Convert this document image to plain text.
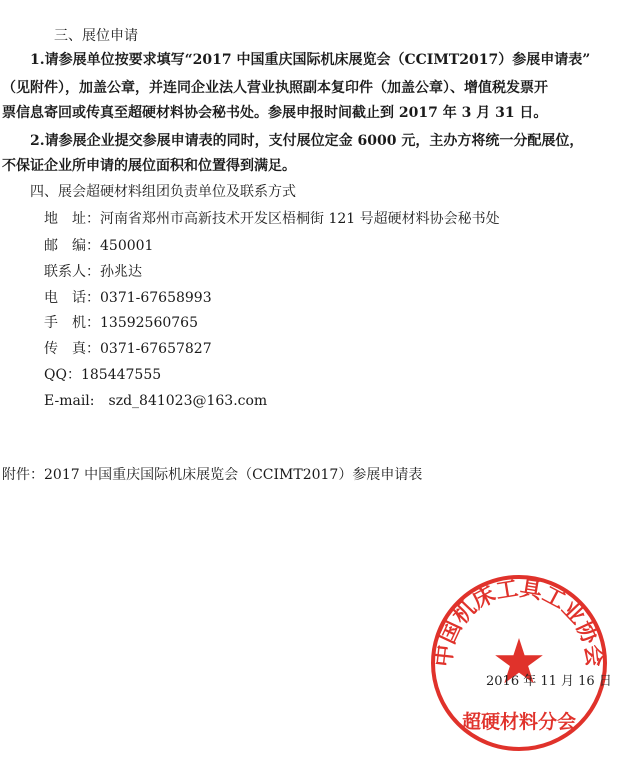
三、展位申请
1.请参展单位按要求填写“2017 中国重庆国际机床展览会（CCIMT2017）参展申请表”
（见附件），加盖公章，并连同企业法人营业执照副本复印件（加盖公章）、增值税发票开
票信息寄回或传真至超硬材料协会秘书处。参展申报时间截止到 2017 年 3 月 31 日。
2.请参展企业提交参展申请表的同时，支付展位定金 6000 元，主办方将统一分配展位，
不保证企业所申请的展位面积和位置得到满足。
四、展会超硬材料组团负责单位及联系方式
地　址：河南省郑州市高新技术开发区梧桐街 121 号超硬材料协会秘书处
邮　编：450001
联系人：孙兆达
电　话：0371-67658993
手　机：13592560765
传　真：0371-67657827
QQ：185447555
E-mail: szd_841023@163.com
附件：2017 中国重庆国际机床展览会（CCIMT2017）参展申请表
中国机床工具工业协会
超硬材料分会
2016 年 11 月 16 日
